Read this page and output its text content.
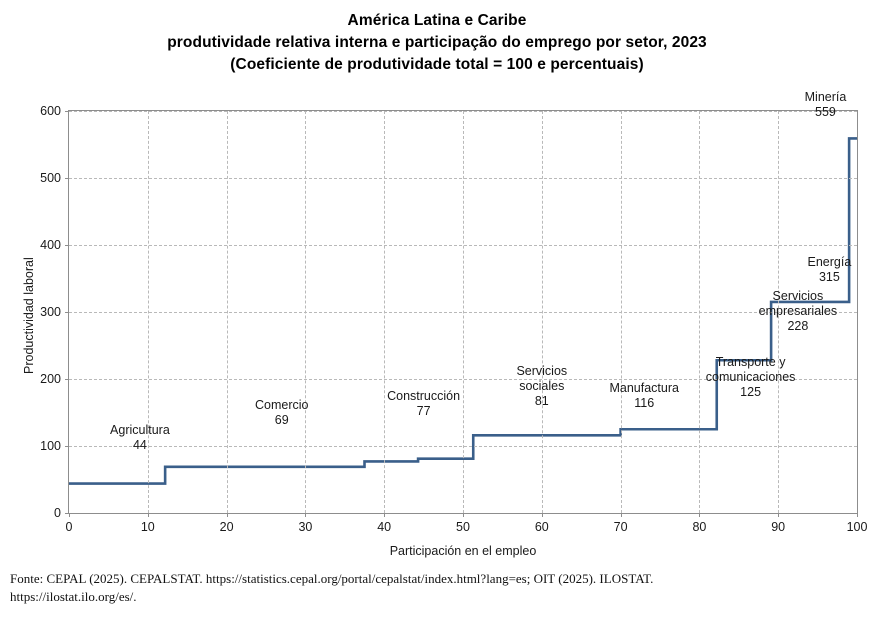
América Latina e Caribe
produtividade relativa interna e participação do emprego por setor, 2023
(Coeficiente de produtividade total = 100 e percentuais)
0
100
200
300
400
500
600
0	10	20	30	40	50	60	70	80	90	100
Productividad laboral
Participación en el empleo
Agricultura
44
Comercio
69
Construcción
77
Servicios
sociales
81
Manufactura
116
Transporte y
comunicaciones
125
Servicios
empresariales
228
Energía
315
Minería
559
Fonte: CEPAL (2025). CEPALSTAT. https://statistics.cepal.org/portal/cepalstat/index.html?lang=es; OIT (2025). ILOSTAT.
https://ilostat.ilo.org/es/.
